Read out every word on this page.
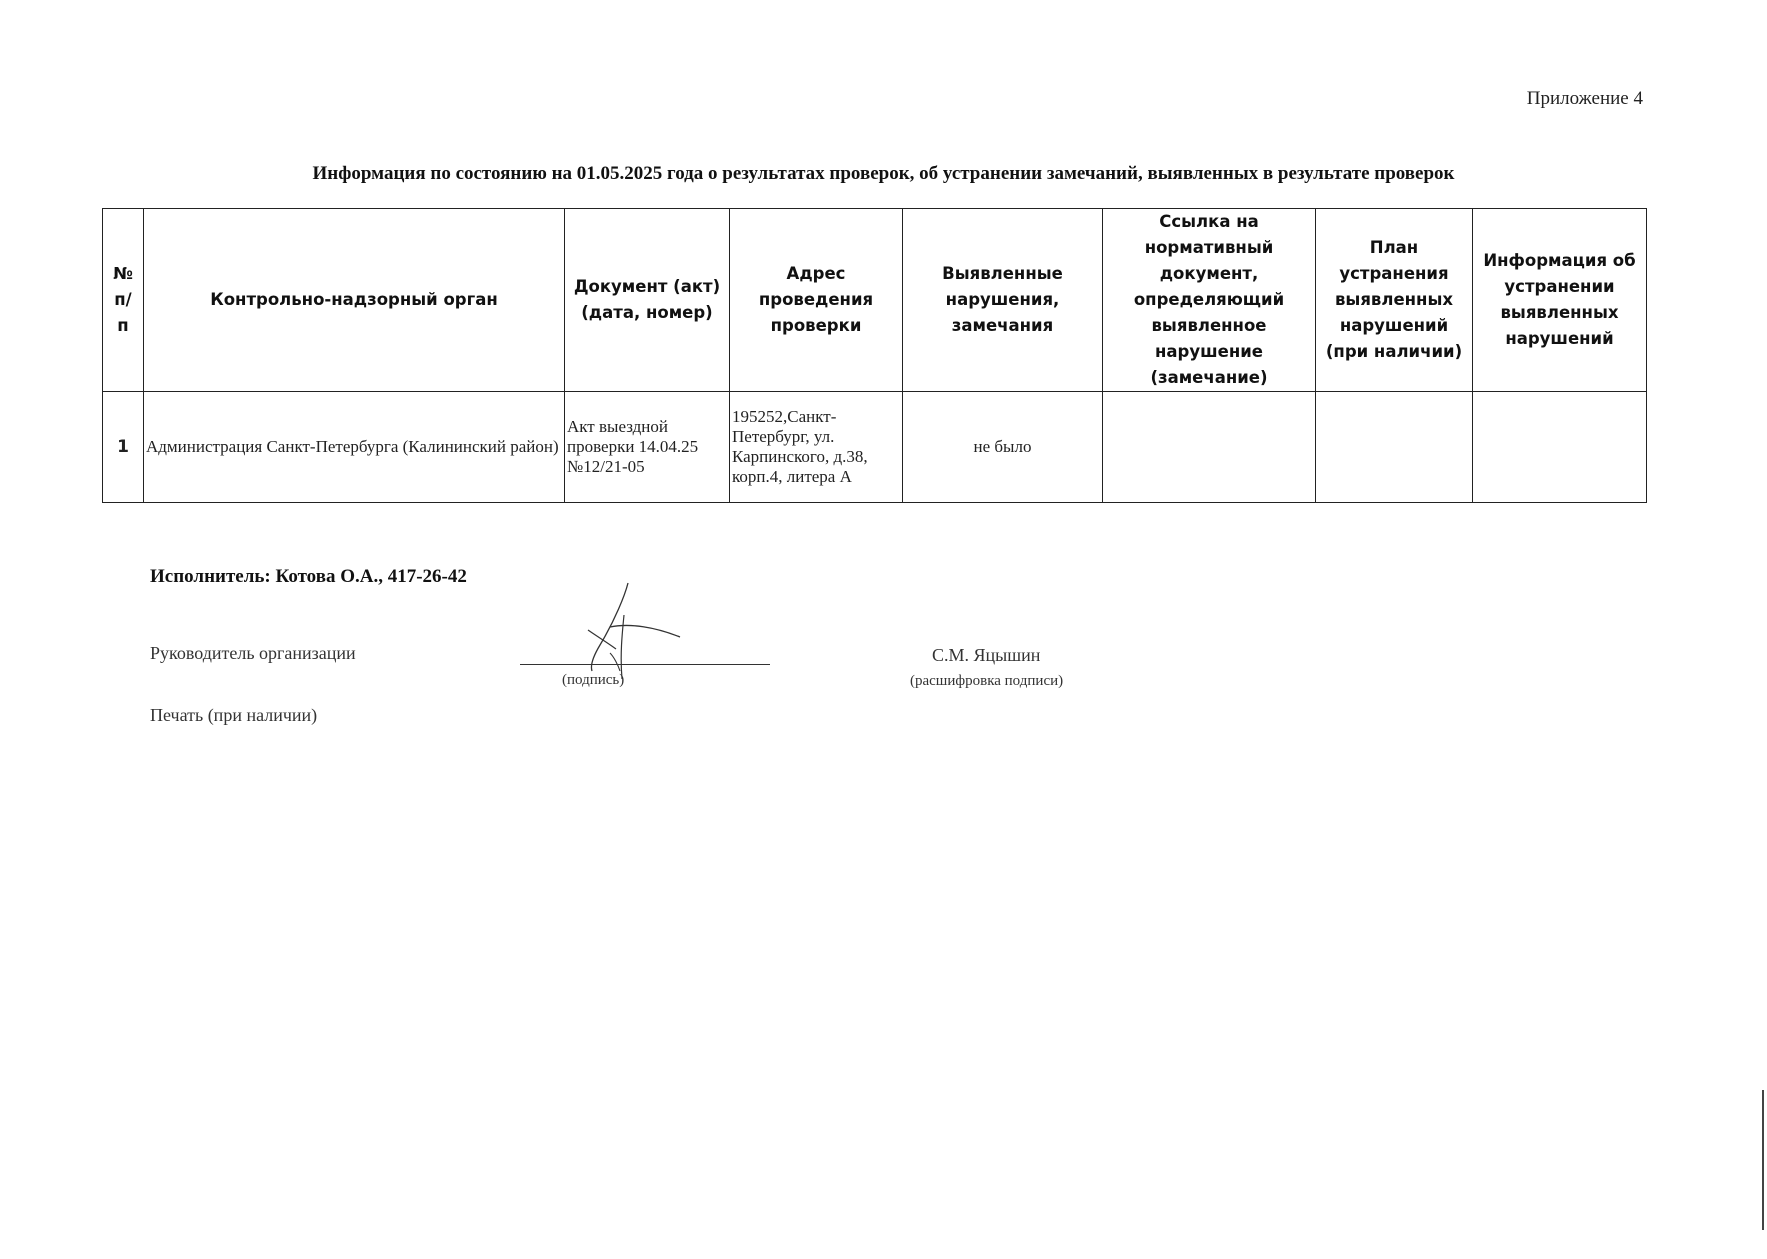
Приложение 4
Информация по состоянию на 01.05.2025 года о результатах проверок, об устранении замечаний, выявленных в результате проверок
№ п/п	Контрольно-надзорный орган	Документ (акт) (дата, номер)	Адрес проведения проверки	Выявленные нарушения, замечания	Ссылка на нормативный документ, определяющий выявленное нарушение (замечание)	План устранения выявленных нарушений (при наличии)	Информация об устранении выявленных нарушений
1	Администрация Санкт-Петербурга (Калининский район)	Акт выездной проверки 14.04.25 №12/21-05	195252,Санкт-Петербург, ул. Карпинского, д.38, корп.4, литера А	не было			
Исполнитель: Котова О.А., 417-26-42
Руководитель организации
(подпись)
С.М. Яцышин
(расшифровка подписи)
Печать (при наличии)
